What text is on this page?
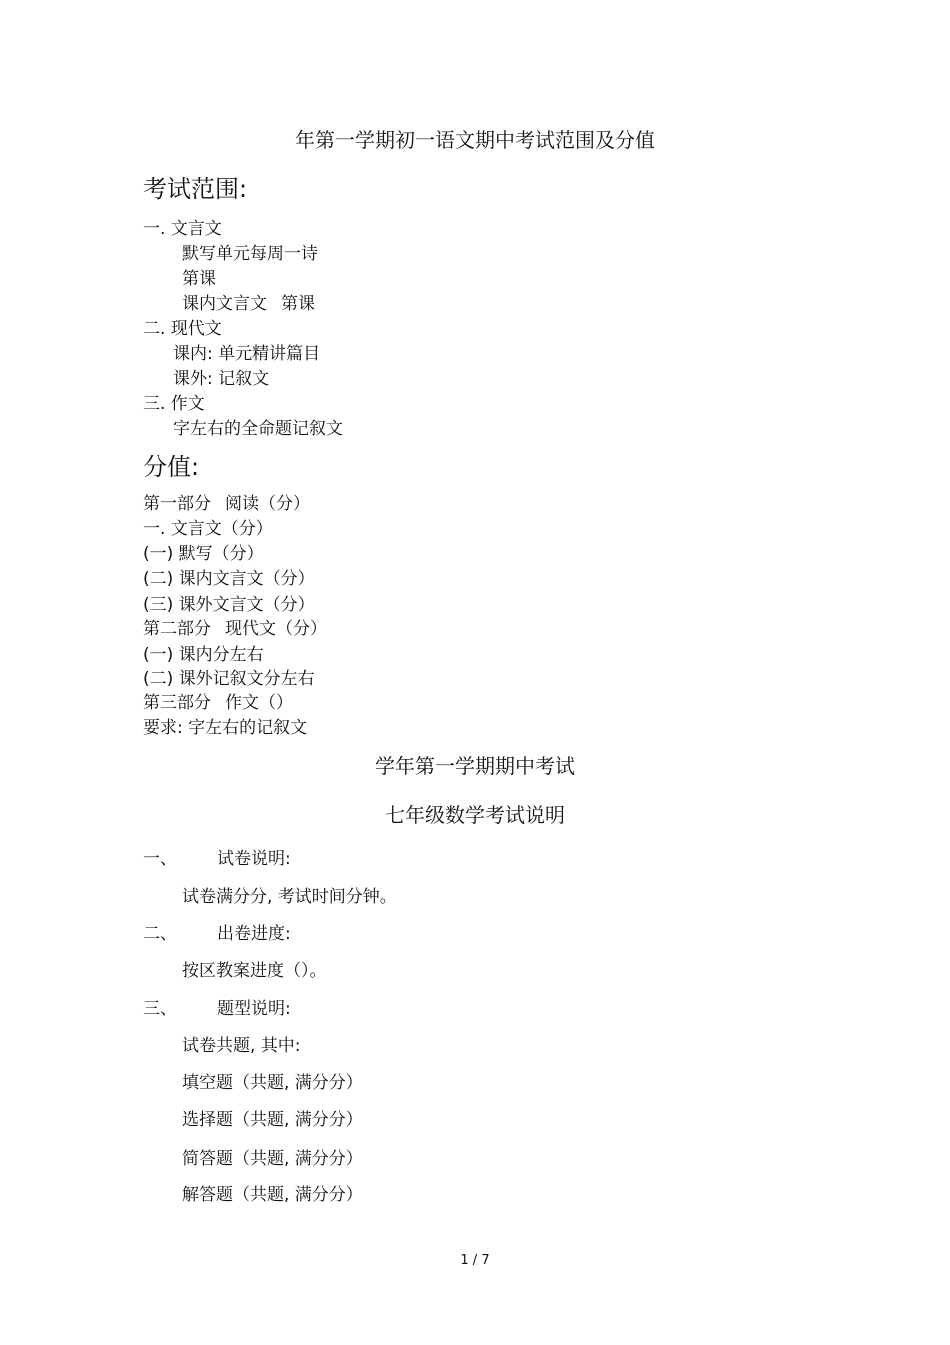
年第一学期初一语文期中考试范围及分值
考试范围:
一. 文言文
默写单元每周一诗
第课
课内文言文 第课
二. 现代文
课内: 单元精讲篇目
课外: 记叙文
三. 作文
字左右的全命题记叙文
分值:
第一部分 阅读（分）
一. 文言文（分）
(一) 默写（分）
(二) 课内文言文（分）
(三) 课外文言文（分）
第二部分 现代文（分）
(一) 课内分左右
(二) 课外记叙文分左右
第三部分 作文（）
要求: 字左右的记叙文
学年第一学期期中考试
七年级数学考试说明
一、 试卷说明:
试卷满分分, 考试时间分钟。
二、 出卷进度:
按区教案进度（）。
三、 题型说明:
试卷共题, 其中:
填空题（共题, 满分分）
选择题（共题, 满分分）
简答题（共题, 满分分）
解答题（共题, 满分分）
1 / 7
